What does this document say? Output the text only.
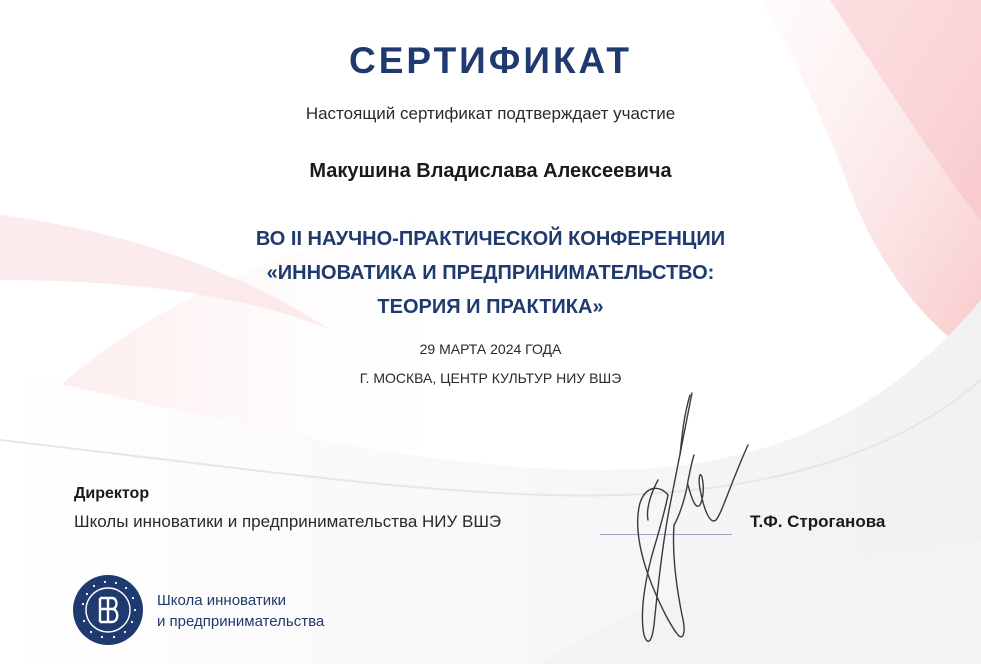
СЕРТИФИКАТ
Настоящий сертификат подтверждает участие
Макушина Владислава Алексеевича
ВО II НАУЧНО-ПРАКТИЧЕСКОЙ КОНФЕРЕНЦИИ
«ИННОВАТИКА И ПРЕДПРИНИМАТЕЛЬСТВО:
ТЕОРИЯ И ПРАКТИКА»
29 МАРТА 2024 ГОДА
Г. МОСКВА, ЦЕНТР КУЛЬТУР НИУ ВШЭ
Директор
Школы инноватики и предпринимательства НИУ ВШЭ	Т.Ф. Строганова
Школа инноватики
и предпринимательства
